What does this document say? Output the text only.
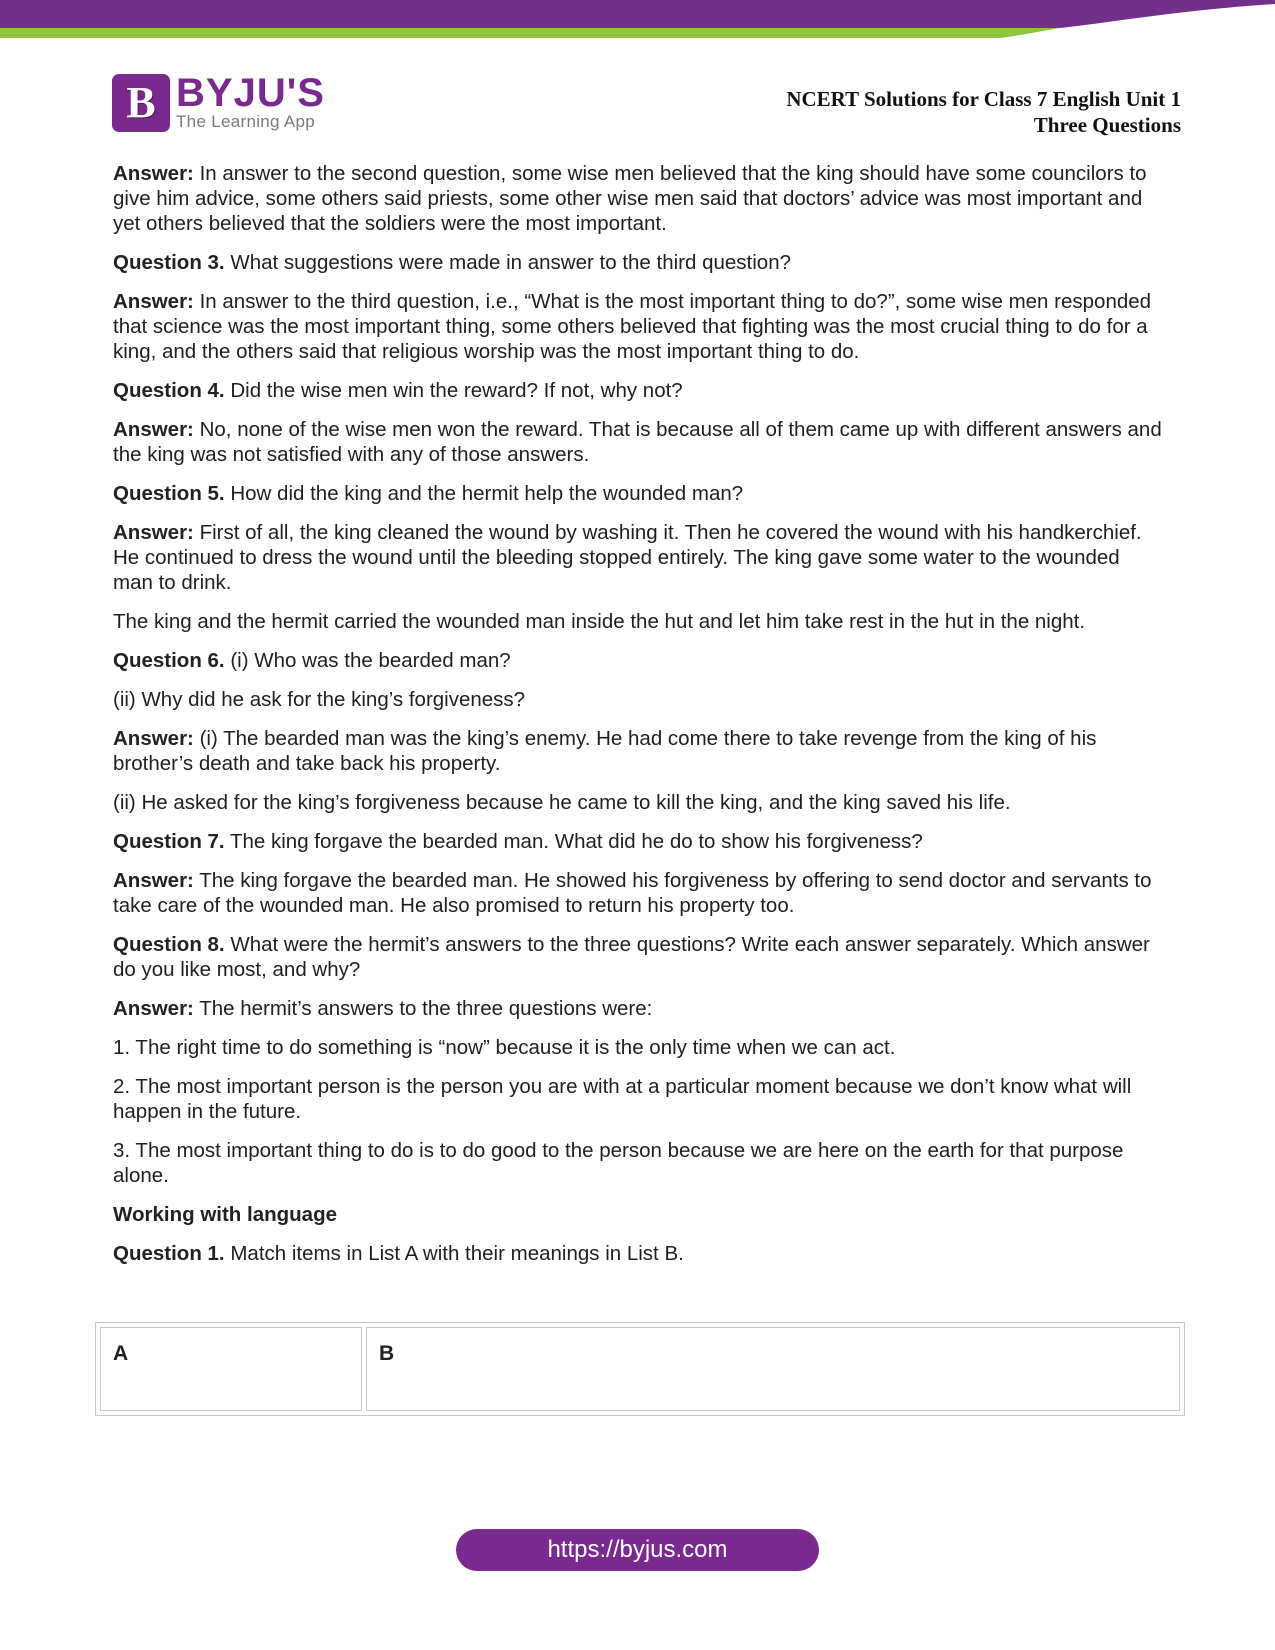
B BYJU'S
The Learning App
NCERT Solutions for Class 7 English Unit 1
Three Questions

Answer: In answer to the second question, some wise men believed that the king should have some councilors to give him advice, some others said priests, some other wise men said that doctors’ advice was most important and yet others believed that the soldiers were the most important.

Question 3. What suggestions were made in answer to the third question?

Answer: In answer to the third question, i.e., “What is the most important thing to do?”, some wise men responded that science was the most important thing, some others believed that fighting was the most crucial thing to do for a king, and the others said that religious worship was the most important thing to do.

Question 4. Did the wise men win the reward? If not, why not?

Answer: No, none of the wise men won the reward. That is because all of them came up with different answers and the king was not satisfied with any of those answers.

Question 5. How did the king and the hermit help the wounded man?

Answer: First of all, the king cleaned the wound by washing it. Then he covered the wound with his handkerchief. He continued to dress the wound until the bleeding stopped entirely. The king gave some water to the wounded man to drink.

The king and the hermit carried the wounded man inside the hut and let him take rest in the hut in the night.

Question 6. (i) Who was the bearded man?

(ii) Why did he ask for the king’s forgiveness?

Answer: (i) The bearded man was the king’s enemy. He had come there to take revenge from the king of his brother’s death and take back his property.

(ii) He asked for the king’s forgiveness because he came to kill the king, and the king saved his life.

Question 7. The king forgave the bearded man. What did he do to show his forgiveness?

Answer: The king forgave the bearded man. He showed his forgiveness by offering to send doctor and servants to take care of the wounded man. He also promised to return his property too.

Question 8. What were the hermit’s answers to the three questions? Write each answer separately. Which answer do you like most, and why?

Answer: The hermit’s answers to the three questions were:

1. The right time to do something is “now” because it is the only time when we can act.

2. The most important person is the person you are with at a particular moment because we don’t know what will happen in the future.

3. The most important thing to do is to do good to the person because we are here on the earth for that purpose alone.

Working with language

Question 1. Match items in List A with their meanings in List B.

A	B
https://byjus.com
